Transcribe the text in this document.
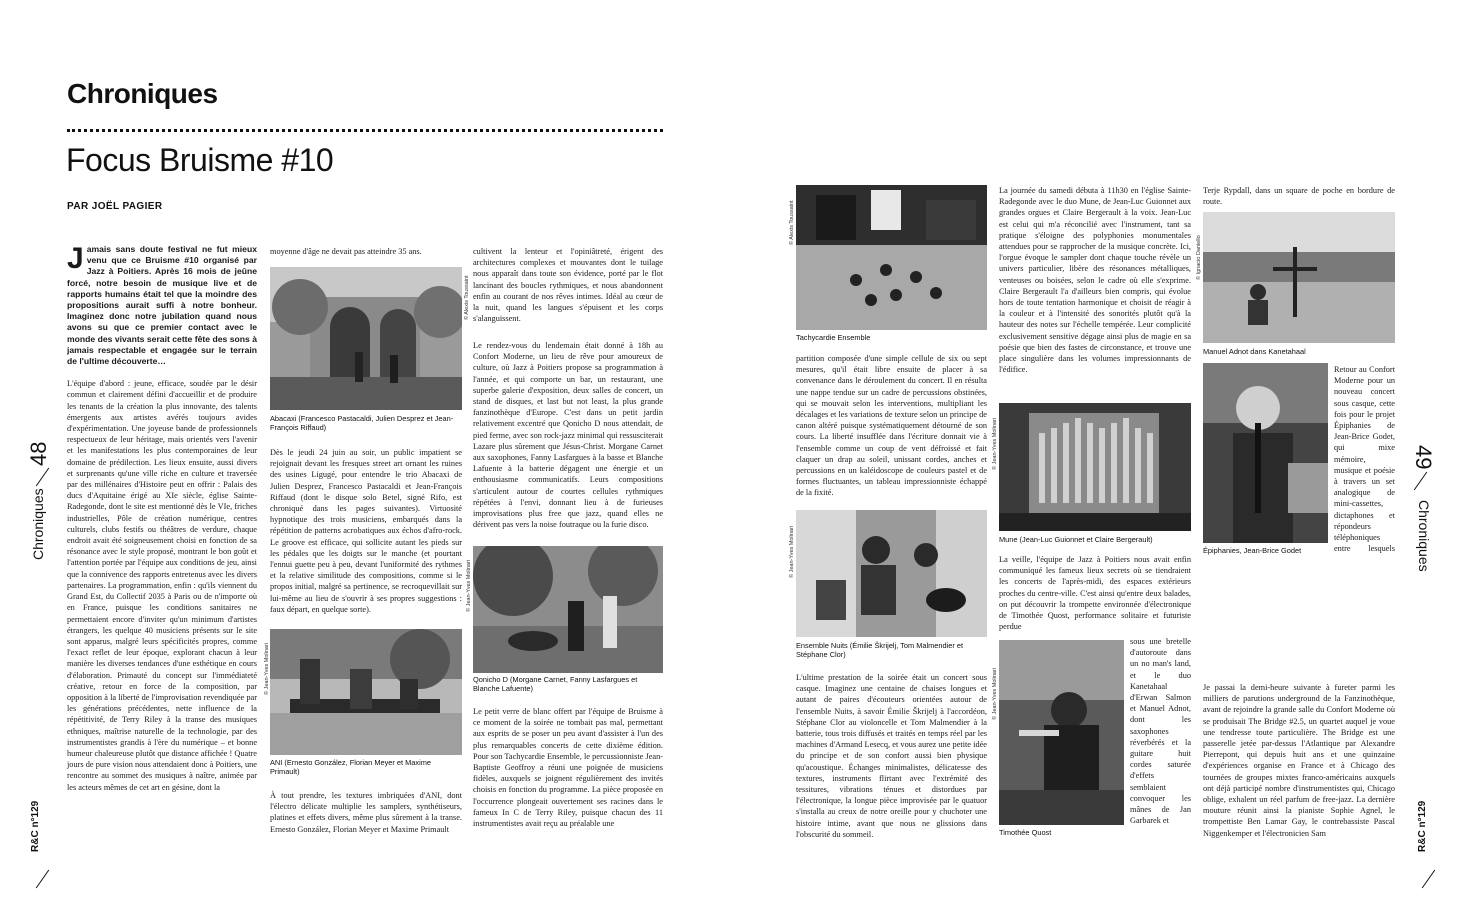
Chroniques
Focus Bruisme #10
PAR JOËL PAGIER
Chroniques
48
R&C n°129

J amais sans doute festival ne fut mieux venu que ce Bruisme #10 organisé par Jazz à Poitiers. Après 16 mois de jeûne forcé, notre besoin de musique live et de rapports humains était tel que la moindre des propositions aurait suffi à notre bonheur. Imaginez donc notre jubilation quand nous avons su que ce premier contact avec le monde des vivants serait cette fête des sons à jamais respectable et engagée sur le terrain de l'ultime découverte…

L'équipe d'abord : jeune, efficace, soudée par le désir commun et clairement défini d'accueillir et de produire les tenants de la création la plus innovante, des talents émergents aux artistes avérés toujours avides d'expérimentation. Une joyeuse bande de professionnels respectueux de leur héritage, mais orientés vers l'avenir et les manifestations les plus contemporaines de leur domaine de prédilection. Les lieux ensuite, aussi divers et surprenants qu'une ville riche en culture et traversée par des millénaires d'Histoire peut en offrir : Palais des ducs d'Aquitaine érigé au XIe siècle, église Sainte-Radegonde, dont le site est mentionné dès le VIe, friches industrielles, Pôle de création numérique, centres culturels, clubs festifs ou théâtres de verdure, chaque endroit avait été soigneusement choisi en fonction de sa résonance avec le style proposé, montrant le bon goût et l'attention portée par l'équipe aux conditions de jeu, ainsi que la connivence des rapports entretenus avec les divers partenaires. La programmation, enfin : qu'ils viennent du Grand Est, du Collectif 2035 à Paris ou de n'importe où en France, puisque les conditions sanitaires ne permettaient encore d'inviter qu'un minimum d'artistes étrangers, les quelque 40 musiciens présents sur le site sont apparus, malgré leurs spécificités propres, comme l'exact reflet de leur époque, explorant chacun à leur manière les diverses tendances d'une esthétique en cours d'élaboration. Primauté du concept sur l'immédiateté créative, retour en force de la composition, par opposition à la liberté de l'improvisation revendiquée par les générations précédentes, nette influence de la répétitivité, de Terry Riley à la transe des musiques ethniques, maîtrise naturelle de la technologie, par des instrumentistes grandis à l'ère du numérique – et bonne humeur chaleureuse plutôt que distance affichée ! Quatre jours de pure vision nous attendaient donc à Poitiers, une rencontre au sommet des musiques à naître, animée par les acteurs mêmes de cet art en gésine, dont la

moyenne d'âge ne devait pas atteindre 35 ans.
© Alexis Toussaint
Abacaxi (Francesco Pastacaldi, Julien Desprez et Jean-François Riffaud)
Dès le jeudi 24 juin au soir, un public impatient se rejoignait devant les fresques street art ornant les ruines des usines Ligugé, pour entendre le trio Abacaxi de Julien Desprez, Francesco Pastacaldi et Jean-François Riffaud (dont le disque solo Betel, signé Rifo, est chroniqué dans les pages suivantes). Virtuosité hypnotique des trois musiciens, embarqués dans la répétition de patterns acrobatiques aux échos d'afro-rock. Le groove est efficace, qui sollicite autant les pieds sur les pédales que les doigts sur le manche (et pourtant l'ennui guette peu à peu, devant l'uniformité des rythmes et la relative similitude des compositions, comme si le propos initial, malgré sa pertinence, se recroquevillait sur lui-même au lieu de s'ouvrir à ses propres suggestions : faux départ, en quelque sorte).
© Jean-Yves Molinari
ANI (Ernesto González, Florian Meyer et Maxime Primault)
À tout prendre, les textures imbriquées d'ANI, dont l'électro délicate multiplie les samplers, synthétiseurs, platines et effets divers, même plus sûrement à la transe. Ernesto González, Florian Meyer et Maxime Primault
cultivent la lenteur et l'opiniâtreté, érigent des architectures complexes et mouvantes dont le tuilage nous apparaît dans toute son évidence, porté par le flot lancinant des boucles rythmiques, et nous abandonnent enfin au courant de nos rêves intimes. Idéal au cœur de la nuit, quand les langues s'épuisent et les corps s'alanguissent.
Le rendez-vous du lendemain était donné à 18h au Confort Moderne, un lieu de rêve pour amoureux de culture, où Jazz à Poitiers propose sa programmation à l'année, et qui comporte un bar, un restaurant, une superbe galerie d'exposition, deux salles de concert, un stand de disques, et last but not least, la plus grande fanzinothèque d'Europe. C'est dans un petit jardin relativement excentré que Qonicho D nous attendait, de pied ferme, avec son rock-jazz minimal qui ressusciterait Lazare plus sûrement que Jésus-Christ. Morgane Carnet aux saxophones, Fanny Lasfargues à la basse et Blanche Lafuente à la batterie dégagent une énergie et un enthousiasme communicatifs. Leurs compositions s'articulent autour de courtes cellules rythmiques répétées à l'envi, donnant lieu à de furieuses improvisations plus free que jazz, quand elles ne dérivent pas vers la noise foutraque ou la furie disco.
© Jean-Yves Molinari
Qonicho D (Morgane Carnet, Fanny Lasfargues et Blanche Lafuente)
Le petit verre de blanc offert par l'équipe de Bruisme à ce moment de la soirée ne tombait pas mal, permettant aux esprits de se poser un peu avant d'assister à l'un des plus remarquables concerts de cette dixième édition. Pour son Tachycardie Ensemble, le percussionniste Jean-Baptiste Geoffroy a réuni une poignée de musiciens fidèles, auxquels se joignent régulièrement des invités choisis en fonction du programme. La pièce proposée en l'occurrence plongeait ouvertement ses racines dans le fameux In C de Terry Riley, puisque chacun des 11 instrumentistes avait reçu au préalable une
© Alexis Toussaint
Tachycardie Ensemble
partition composée d'une simple cellule de six ou sept mesures, qu'il était libre ensuite de placer à sa convenance dans le déroulement du concert. Il en résulta une nappe tendue sur un cadre de percussions obstinées, qui se mouvait selon les interventions, multipliant les décalages et les variations de texture selon un principe de canon altéré puisque systématiquement détourné de son cours. La liberté insufflée dans l'écriture donnait vie à l'ensemble comme un coup de vent défroissé et fait claquer un drap au soleil, unissant cordes, anches et percussions en un kaléidoscope de couleurs pastel et de formes fluctuantes, un tableau impressionniste échappé de la fixité.
© Jean-Yves Molinari
Ensemble Nuits (Émilie Škrijelj, Tom Malmendier et Stéphane Clor)
L'ultime prestation de la soirée était un concert sous casque. Imaginez une centaine de chaises longues et autant de paires d'écouteurs orientées autour de l'ensemble Nuits, à savoir Émilie Škrijelj à l'accordéon, Stéphane Clor au violoncelle et Tom Malmendier à la batterie, tous trois diffusés et traités en temps réel par les machines d'Armand Lesecq, et vous aurez une petite idée du principe et de son confort aussi bien physique qu'acoustique. Échanges minimalistes, délicatesse des textures, instruments flirtant avec l'extrémité des tessitures, vibrations ténues et distordues par l'électronique, la longue pièce improvisée par le quatuor s'installa au creux de notre oreille pour y chuchoter une histoire intime, avant que nous ne glissions dans l'obscurité du sommeil.
La journée du samedi débuta à 11h30 en l'église Sainte-Radegonde avec le duo Mune, de Jean-Luc Guionnet aux grandes orgues et Claire Bergerault à la voix. Jean-Luc est celui qui m'a réconcilié avec l'instrument, tant sa pratique s'éloigne des polyphonies monumentales attendues pour se rapprocher de la musique concrète. Ici, l'orgue évoque le sampler dont chaque touche révèle un univers particulier, libère des résonances métalliques, venteuses ou boisées, selon le cadre où elle s'exprime. Claire Bergerault l'a d'ailleurs bien compris, qui évolue hors de toute tentation harmonique et choisit de réagir à la couleur et à l'intensité des sonorités plutôt qu'à la hauteur des notes sur l'échelle tempérée. Leur complicité exclusivement sensitive dégage ainsi plus de magie en sa poésie que bien des fastes de circonstance, et trouve une place singulière dans les volumes impressionnants de l'édifice.
© Jean-Yves Molinari
Mune (Jean-Luc Guionnet et Claire Bergerault)
La veille, l'équipe de Jazz à Poitiers nous avait enfin communiqué les fameux lieux secrets où se tiendraient les concerts de l'après-midi, des espaces extérieurs proches du centre-ville. C'est ainsi qu'entre deux balades, on put découvrir la trompette environnée d'électronique de Timothée Quost, performance solitaire et futuriste perdue
© Jean-Yves Molinari
Timothée Quost
sous une bretelle d'autoroute dans un no man's land, et le duo Kanetahaal d'Erwan Salmon et Manuel Adnot, dont les saxophones réverbérés et la guitare huit cordes saturée d'effets semblaient convoquer les mânes de Jan Garbarek et
Terje Rypdall, dans un square de poche en bordure de route.
© Ignacio Daniello
Manuel Adnot dans Kanetahaal
Épiphanies, Jean-Brice Godet
Retour au Confort Moderne pour un nouveau concert sous casque, cette fois pour le projet Épiphanies de Jean-Brice Godet, qui mixe mémoire, musique et poésie à travers un set analogique de mini-cassettes, dictaphones et répondeurs téléphoniques entre lesquels
Je passai la demi-heure suivante à fureter parmi les milliers de parutions underground de la Fanzinothèque, avant de rejoindre la grande salle du Confort Moderne où se produisait The Bridge #2.5, un quartet auquel je voue une tendresse toute particulière. The Bridge est une passerelle jetée par-dessus l'Atlantique par Alexandre Pierrepont, qui depuis huit ans et une quinzaine d'expériences organise en France et à Chicago des tournées de groupes mixtes franco-américains auxquels ont déjà participé nombre d'instrumentistes qui, Chicago oblige, exhalent un réel parfum de free-jazz. La dernière mouture réunit ainsi la pianiste Sophie Agnel, le trompettiste Ben Lamar Gay, le contrebassiste Pascal Niggenkemper et l'électronicien Sam
Chroniques
49
R&C n°129
